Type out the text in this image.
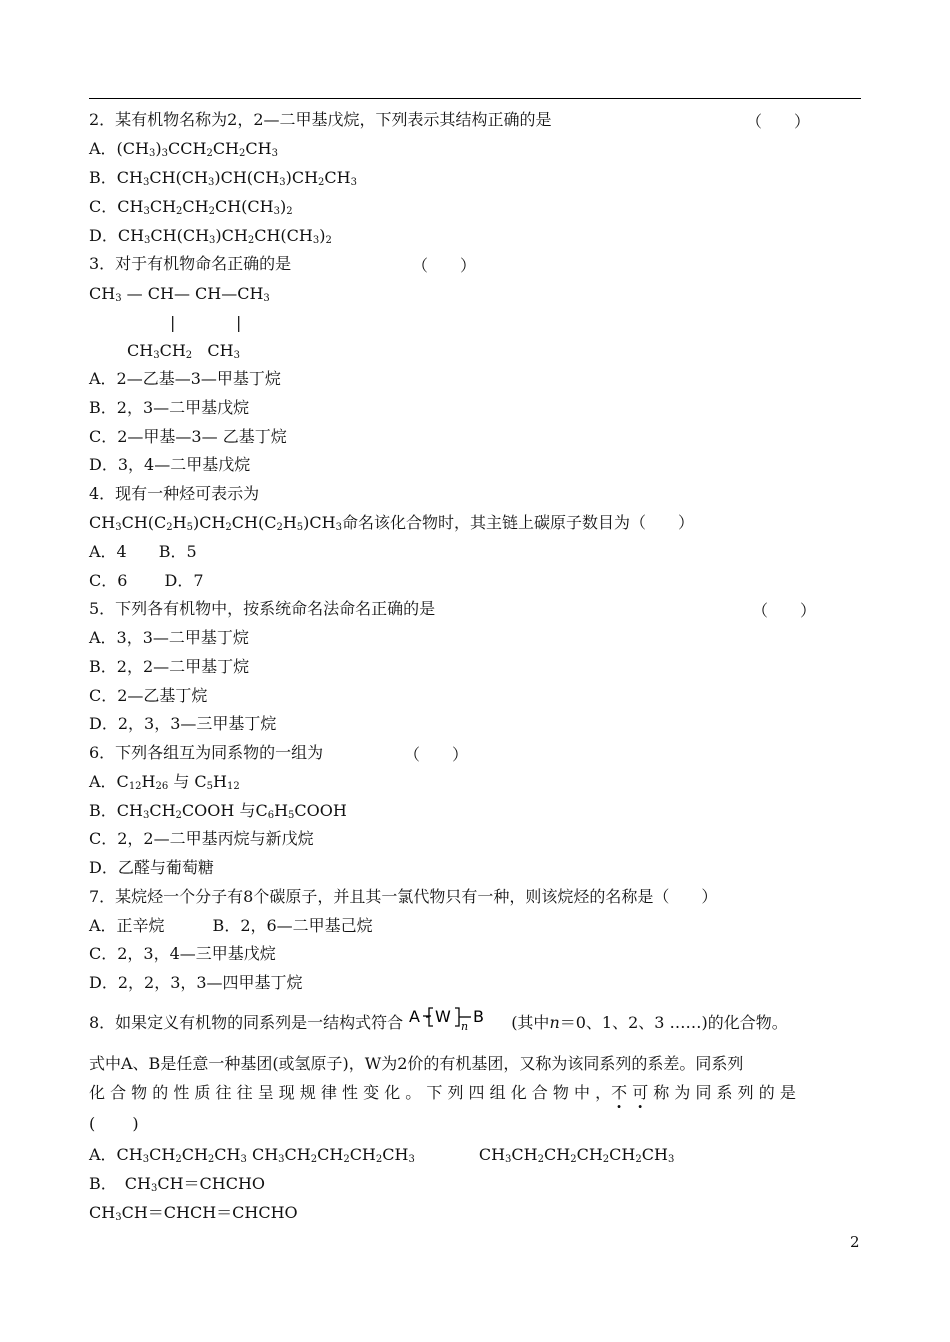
2．某有机物名称为2，2—二甲基戊烷，下列表示其结构正确的是	（　　）
A．$(CH_3)_3CCH_2CH_2CH_3$
B．$CH_3CH(CH_3)CH(CH_3)CH_2CH_3$
C．$CH_3CH_2CH_2CH(CH_3)_2$
D．$CH_3CH(CH_3)CH_2CH(CH_3)_2$
3．对于有机物命名正确的是	（　　）
$CH_3$ — CH— $CH—CH_3$
|	|
$CH_3CH_2$   $CH_3$
A．2—乙基—3—甲基丁烷
B．2，3—二甲基戊烷
C．2—甲基—3— 乙基丁烷
D．3，4—二甲基戊烷
4．现有一种烃可表示为
$CH_3CH(C_2H_5)CH_2CH(C_2H_5)CH_3$命名该化合物时，其主链上碳原子数目为（　　）
A．4　　B．5
C．6　　 D．7
5．下列各有机物中，按系统命名法命名正确的是	（　　）
A．3，3—二甲基丁烷
B．2，2—二甲基丁烷
C．2—乙基丁烷
D．2，3，3—三甲基丁烷
6．下列各组互为同系物的一组为	（　　）
A．$C_{12}H_{26}$ 与 $C_5H_{12}$
B．$CH_3CH_2COOH$ 与$C_6H_5COOH$
C．2，2—二甲基丙烷与新戊烷
D．乙醛与葡萄糖
7．某烷烃一个分子有8个碳原子，并且其一氯代物只有一种，则该烷烃的名称是（　　）
A．正辛烷　　　B．2，6—二甲基己烷
C．2，3，4—三甲基戊烷
D．2，2，3，3—四甲基丁烷
8．如果定义有机物的同系列是一结构式符合 A W
n
B (其中n＝0、1、2、3 ……)的化合物。
式中A、B是任意一种基团(或氢原子)，W为2价的有机基团，又称为该同系列的系差。同系列
化 合 物 的 性 质 往 往 呈 现 规 律 性 变 化 。 下 列 四 组 化 合 物 中 ，不 可 称 为 同 系 列 的 是
(　　 )
A．$CH_3CH_2CH_2CH_3$ $CH_3CH_2CH_2CH_2CH_3$　　　　$CH_3CH_2CH_2CH_2CH_2CH_3$
B．　$CH_3CH=CHCHO$
$CH_3CH=CHCH=CHCHO$
2
